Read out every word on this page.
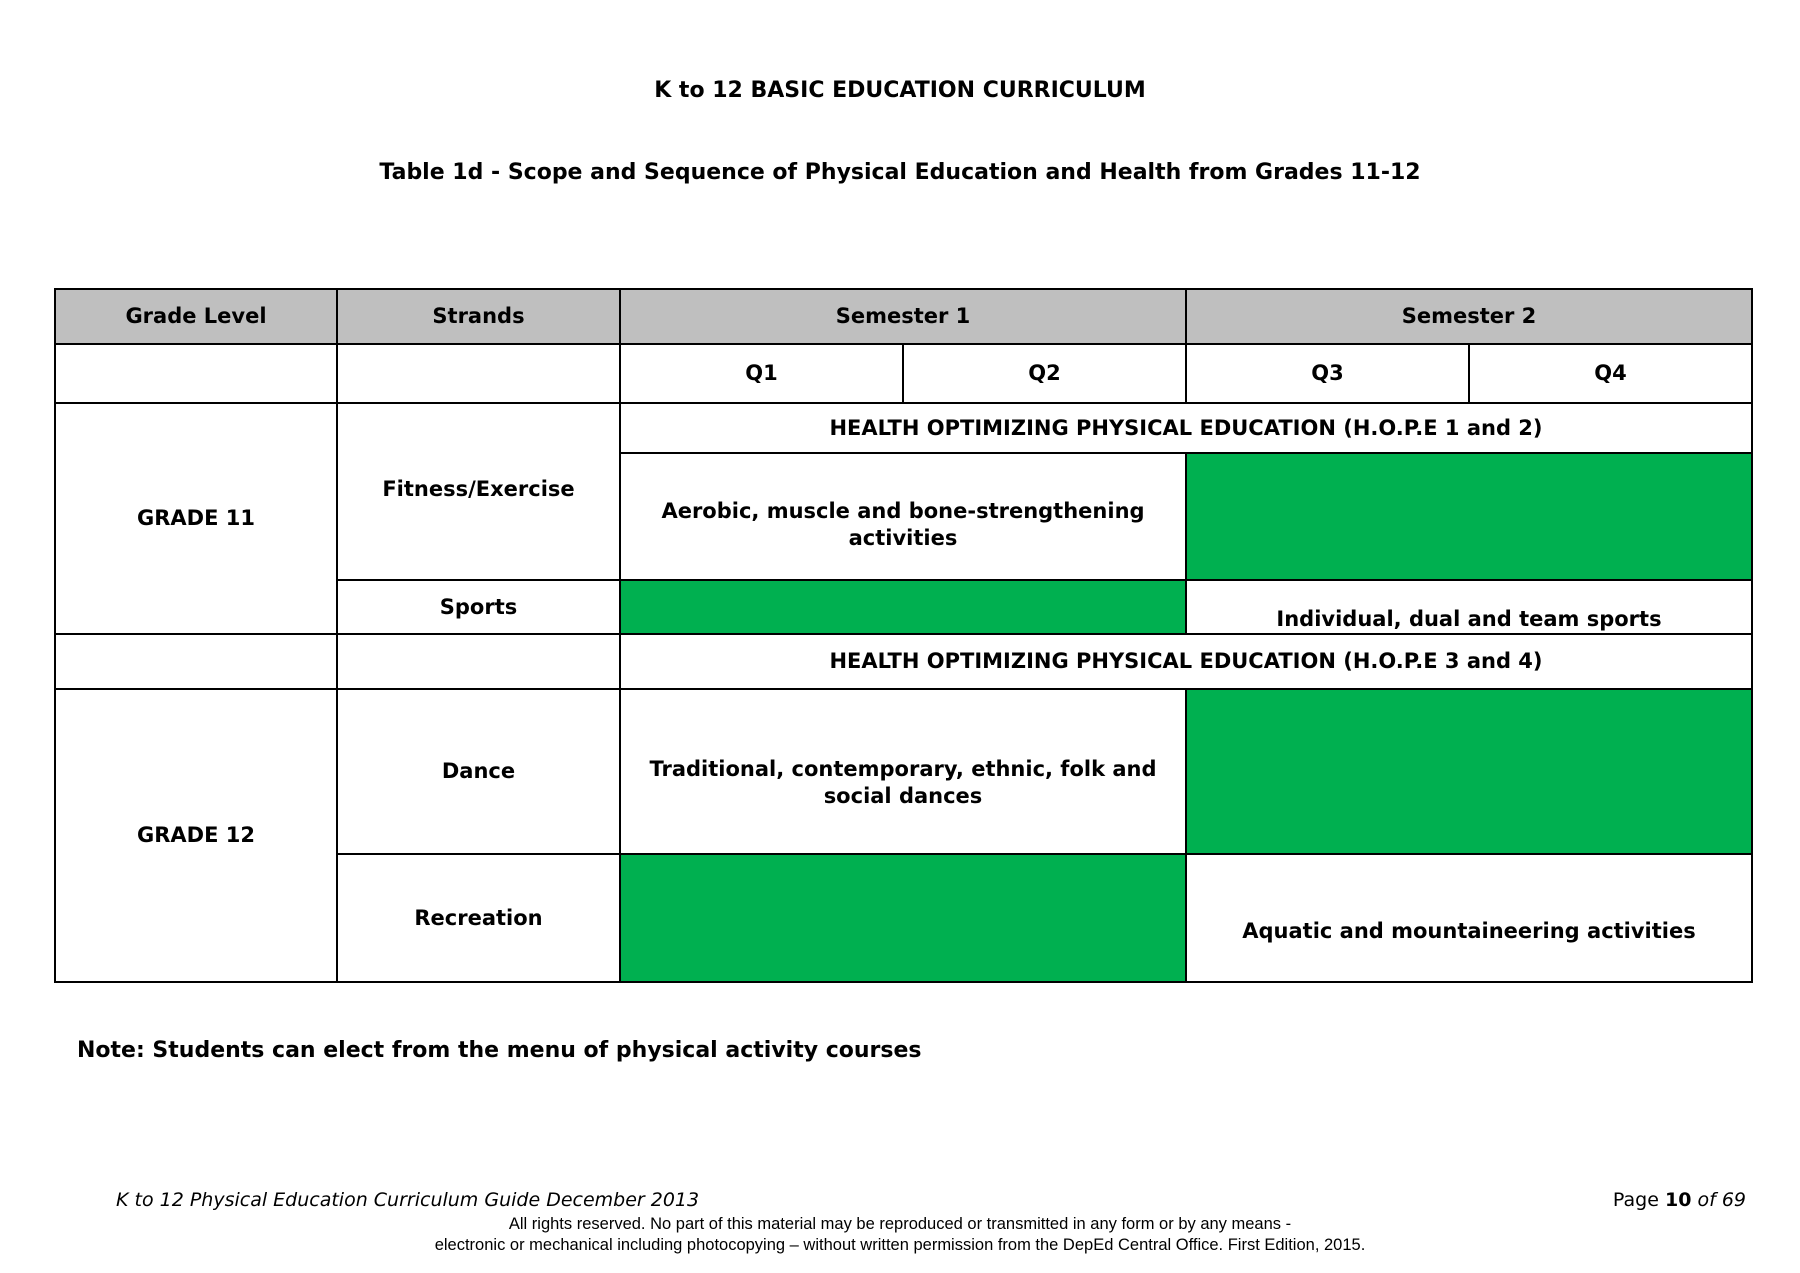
K to 12 BASIC EDUCATION CURRICULUM
Table 1d - Scope and Sequence of Physical Education and Health from Grades 11-12
Grade Level	Strands	Semester 1		Semester 2	
		Q1	Q2	Q3	Q4
GRADE 11	Fitness/Exercise	HEALTH OPTIMIZING PHYSICAL EDUCATION (H.O.P.E 1 and 2)			
		Aerobic, muscle and bone-strengthening activities			
	Sports			Individual, dual and team sports	
		HEALTH OPTIMIZING PHYSICAL EDUCATION (H.O.P.E 3 and 4)			
GRADE 12	Dance	Traditional, contemporary, ethnic, folk and social dances			
	Recreation			Aquatic and mountaineering activities	
Note: Students can elect from the menu of physical activity courses
K to 12 Physical Education Curriculum Guide December 2013	Page 10 of 69
All rights reserved. No part of this material may be reproduced or transmitted in any form or by any means -
electronic or mechanical including photocopying – without written permission from the DepEd Central Office. First Edition, 2015.
